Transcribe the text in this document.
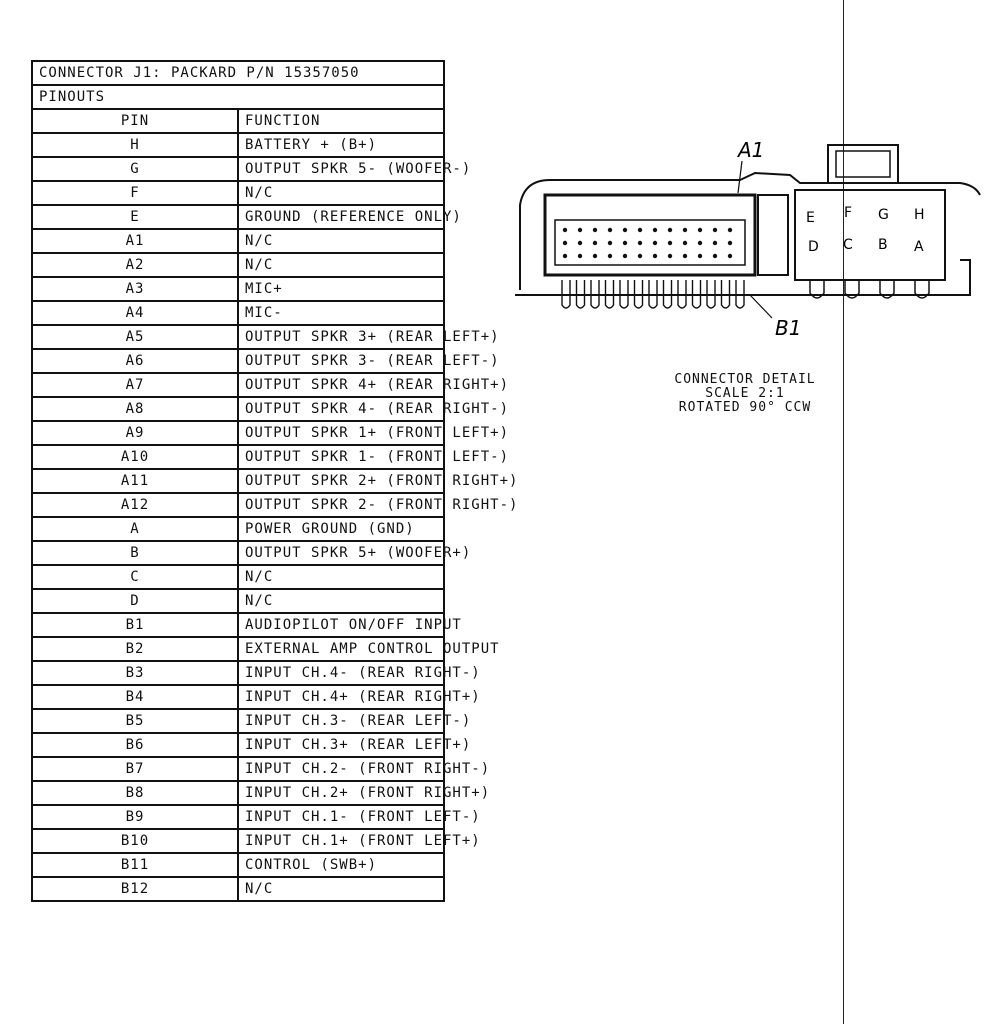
CONNECTOR J1: PACKARD P/N 15357050	
PINOUTS	
PIN	FUNCTION
H	BATTERY + (B+)
G	OUTPUT SPKR 5- (WOOFER-)
F	N/C
E	GROUND (REFERENCE ONLY)
A1	N/C
A2	N/C
A3	MIC+
A4	MIC-
A5	OUTPUT SPKR 3+ (REAR LEFT+)
A6	OUTPUT SPKR 3- (REAR LEFT-)
A7	OUTPUT SPKR 4+ (REAR RIGHT+)
A8	OUTPUT SPKR 4- (REAR RIGHT-)
A9	OUTPUT SPKR 1+ (FRONT LEFT+)
A10	OUTPUT SPKR 1- (FRONT LEFT-)
A11	OUTPUT SPKR 2+ (FRONT RIGHT+)
A12	OUTPUT SPKR 2- (FRONT RIGHT-)
A	POWER GROUND (GND)
B	OUTPUT SPKR 5+ (WOOFER+)
C	N/C
D	N/C
B1	AUDIOPILOT ON/OFF INPUT
B2	EXTERNAL AMP CONTROL OUTPUT
B3	INPUT CH.4- (REAR RIGHT-)
B4	INPUT CH.4+ (REAR RIGHT+)
B5	INPUT CH.3- (REAR LEFT-)
B6	INPUT CH.3+ (REAR LEFT+)
B7	INPUT CH.2- (FRONT RIGHT-)
B8	INPUT CH.2+ (FRONT RIGHT+)
B9	INPUT CH.1- (FRONT LEFT-)
B10	INPUT CH.1+ (FRONT LEFT+)
B11	CONTROL (SWB+)
B12	N/C
E F G H
D C B A
A1
B1
CONNECTOR DETAIL
SCALE 2:1
ROTATED 90° CCW
